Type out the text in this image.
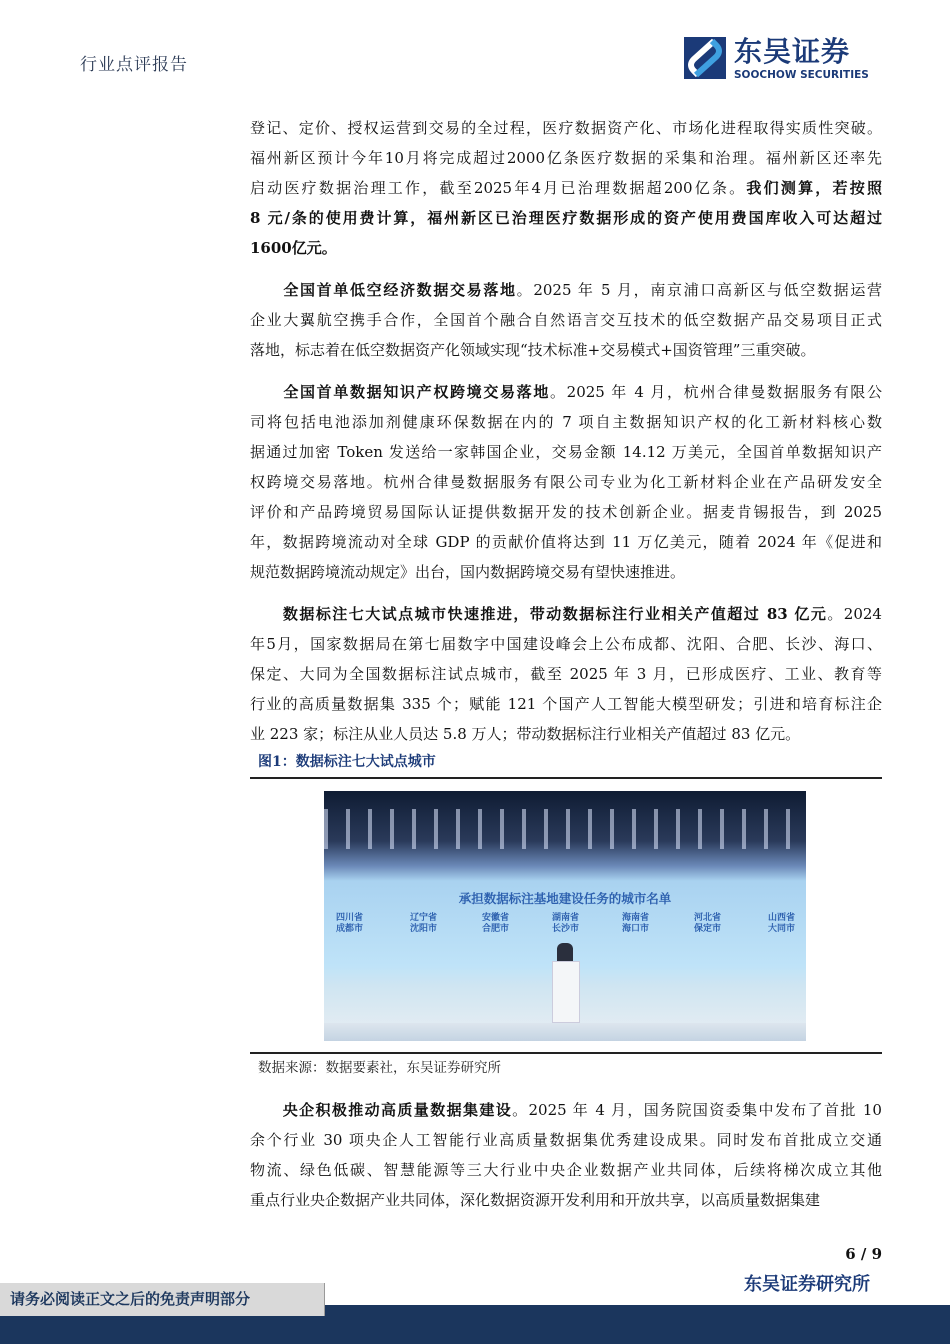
行业点评报告	东吴证券
SOOCHOW SECURITIES
登记、定价、授权运营到交易的全过程，医疗数据资产化、市场化进程取得实质性突破。
福州新区预计今年10月将完成超过2000亿条医疗数据的采集和治理。福州新区还率先
启动医疗数据治理工作，截至2025年4月已治理数据超200亿条。我们测算，若按照
8 元/条的使用费计算，福州新区已治理医疗数据形成的资产使用费国库收入可达超过
1600亿元。
　　全国首单低空经济数据交易落地。2025 年 5 月，南京浦口高新区与低空数据运营
企业大翼航空携手合作，全国首个融合自然语言交互技术的低空数据产品交易项目正式
落地，标志着在低空数据资产化领域实现“技术标准+交易模式+国资管理”三重突破。
　　全国首单数据知识产权跨境交易落地。2025 年 4 月，杭州合律曼数据服务有限公
司将包括电池添加剂健康环保数据在内的 7 项自主数据知识产权的化工新材料核心数
据通过加密 Token 发送给一家韩国企业，交易金额 14.12 万美元，全国首单数据知识产
权跨境交易落地。杭州合律曼数据服务有限公司专业为化工新材料企业在产品研发安全
评价和产品跨境贸易国际认证提供数据开发的技术创新企业。据麦肯锡报告，到 2025
年，数据跨境流动对全球 GDP 的贡献价值将达到 11 万亿美元，随着 2024 年《促进和
规范数据跨境流动规定》出台，国内数据跨境交易有望快速推进。
　　数据标注七大试点城市快速推进，带动数据标注行业相关产值超过 83 亿元。2024
年5月，国家数据局在第七届数字中国建设峰会上公布成都、沈阳、合肥、长沙、海口、
保定、大同为全国数据标注试点城市，截至 2025 年 3 月，已形成医疗、工业、教育等
行业的高质量数据集 335 个；赋能 121 个国产人工智能大模型研发；引进和培育标注企
业 223 家；标注从业人员达 5.8 万人；带动数据标注行业相关产值超过 83 亿元。
　　央企积极推动高质量数据集建设。2025 年 4 月，国务院国资委集中发布了首批 10
余个行业 30 项央企人工智能行业高质量数据集优秀建设成果。同时发布首批成立交通
物流、绿色低碳、智慧能源等三大行业中央企业数据产业共同体，后续将梯次成立其他
重点行业央企数据产业共同体，深化数据资源开发利用和开放共享，以高质量数据集建
图1：数据标注七大试点城市
承担数据标注基地建设任务的城市名单
四川省
成都市
辽宁省
沈阳市
安徽省
合肥市
湖南省
长沙市
海南省
海口市
河北省
保定市
山西省
大同市
数据来源：数据要素社，东吴证券研究所
6 / 9
东吴证券研究所
请务必阅读正文之后的免责声明部分
